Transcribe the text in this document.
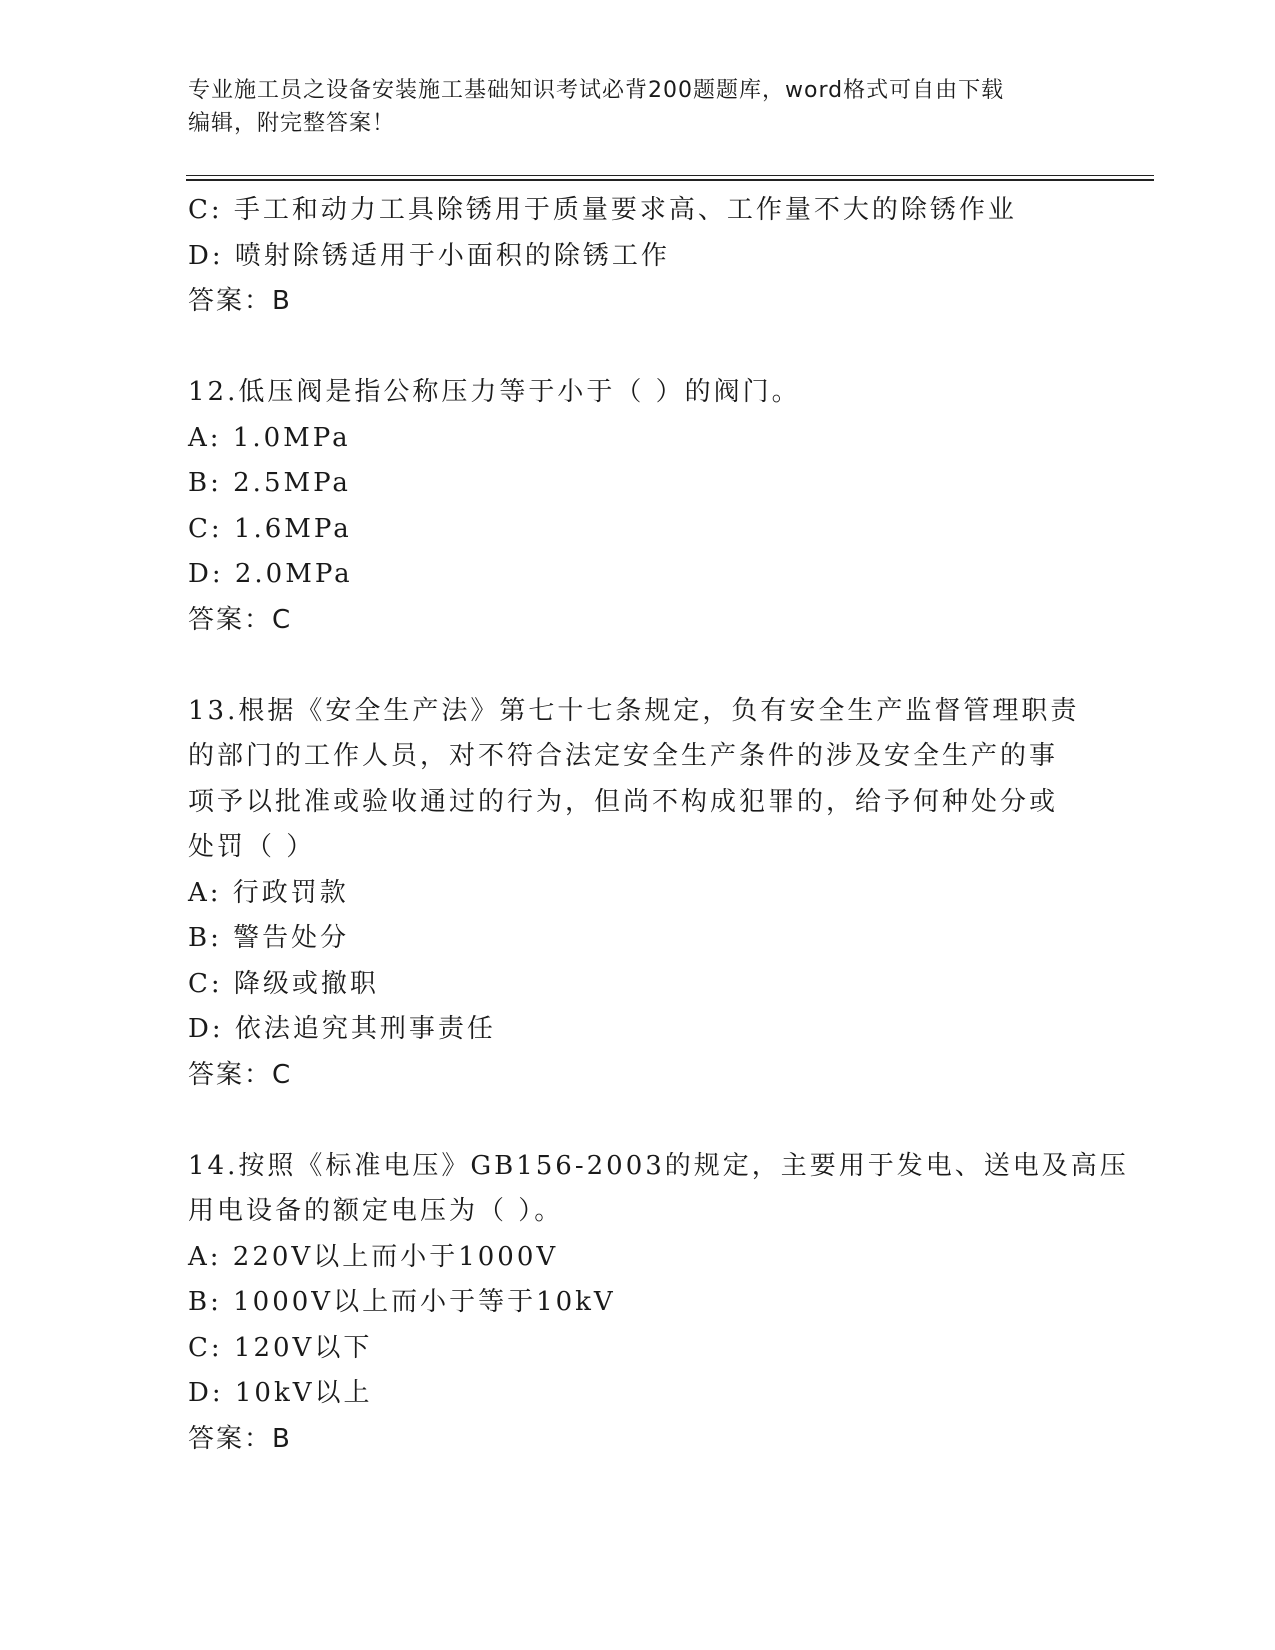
专业施工员之设备安装施工基础知识考试必背200题题库，word格式可自由下载
编辑，附完整答案！
C: 手工和动力工具除锈用于质量要求高、工作量不大的除锈作业
D: 喷射除锈适用于小面积的除锈工作
答案：B
12.低压阀是指公称压力等于小于（ ）的阀门。
A: 1.0MPa
B: 2.5MPa
C: 1.6MPa
D: 2.0MPa
答案：C
13.根据《安全生产法》第七十七条规定，负有安全生产监督管理职责
的部门的工作人员，对不符合法定安全生产条件的涉及安全生产的事
项予以批准或验收通过的行为，但尚不构成犯罪的，给予何种处分或
处罚（ ）
A: 行政罚款
B: 警告处分
C: 降级或撤职
D: 依法追究其刑事责任
答案：C
14.按照《标准电压》GB156-2003的规定，主要用于发电、送电及高压
用电设备的额定电压为（ ）。
A: 220V以上而小于1000V
B: 1000V以上而小于等于10kV
C: 120V以下
D: 10kV以上
答案：B
